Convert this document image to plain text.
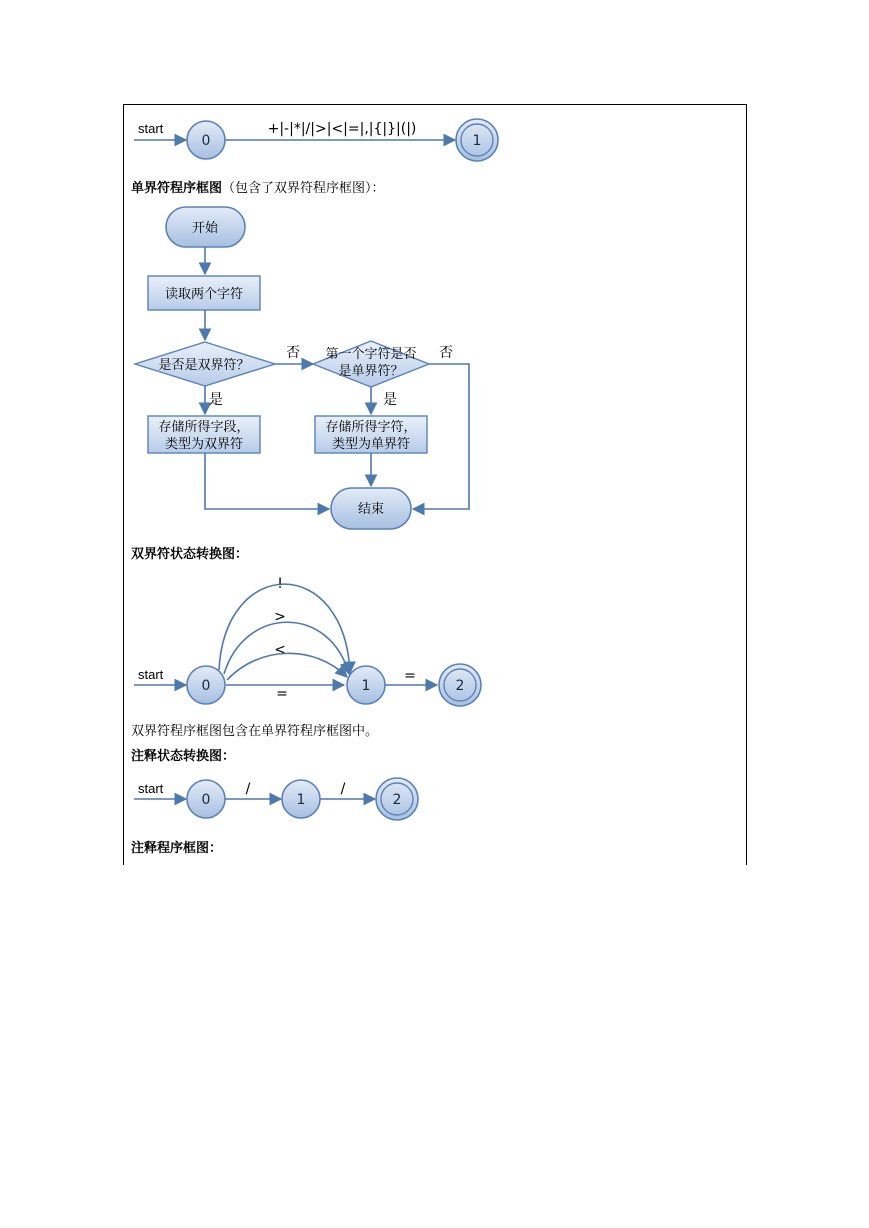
start
0
+|-|*|/|>|<|=|,|{|}|(|)
1
开始
读取两个字符
是否是双界符？
否 第一个字符是否
是单界符？
否
是	是
存储所得字段，
类型为双界符
存储所得字符，
类型为单界符
结束
start
!
>
<
=
0	1
=
2
start
0
/
1
/
2
单界符程序框图（包含了双界符程序框图）：
双界符状态转换图：
双界符程序框图包含在单界符程序框图中。
注释状态转换图：
注释程序框图：
